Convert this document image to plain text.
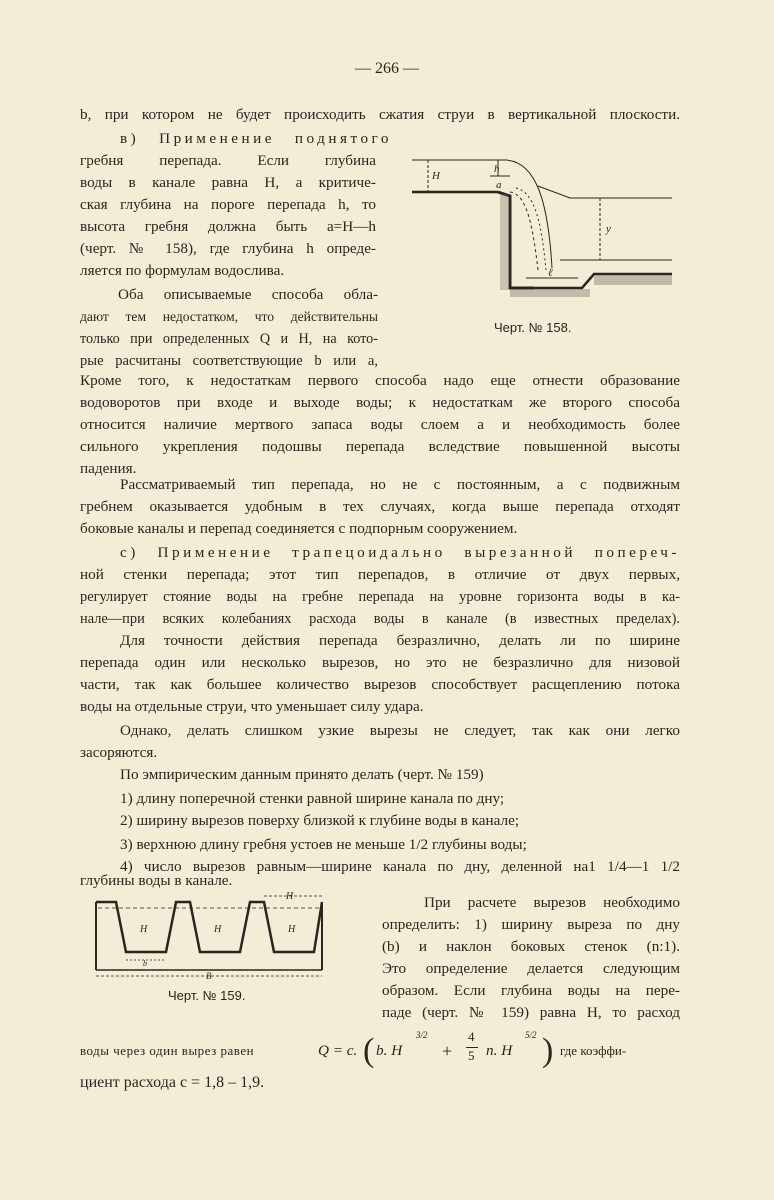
— 266 —
b, при котором не будет происходить сжатия струи в вертикальной плоскости.
в) Применение поднятого
гребня перепада. Если глубина
воды в канале равна H, а критиче-
ская глубина на пороге перепада h, то
высота гребня должна быть a=H—h
(черт. № 158), где глубина h опреде-
ляется по формулам водослива.
Оба описываемые способа обла-
дают тем недостатком, что действительны
только при определенных Q и H, на кото-
рые расчитаны соответствующие b или a,
Кроме того, к недостаткам первого способа надо еще отнести образование
водоворотов при входе и выходе воды; к недостаткам же второго способа
относится наличие мертвого запаса воды слоем a и необходимость более
сильного укрепления подошвы перепада вследствие повышенной высоты
падения.
Рассматриваемый тип перепада, но не с постоянным, а с подвижным
гребнем оказывается удобным в тех случаях, когда выше перепада отходят
боковые каналы и перепад соединяется с подпорным сооружением.
с) Применение трапецоидально вырезанной попереч-
ной стенки перепада; этот тип перепадов, в отличие от двух первых,
регулирует стояние воды на гребне перепада на уровне горизонта воды в ка-
нале—при всяких колебаниях расхода воды в канале (в известных пределах).
Для точности действия перепада безразлично, делать ли по ширине
перепада один или несколько вырезов, но это не безразлично для низовой
части, так как большее количество вырезов способствует расщеплению потока
воды на отдельные струи, что уменьшает силу удара.
Однако, делать слишком узкие вырезы не следует, так как они легко
засоряются.
По эмпирическим данным принято делать (черт. № 159)
1) длину поперечной стенки равной ширине канала по дну;
2) ширину вырезов поверху близкой к глубине воды в канале;
3) верхнюю длину гребня устоев не меньше 1/2 глубины воды;
4) число вырезов равным—ширине канала по дну, деленной на1 1/4—1 1/2
глубины воды в канале.
При расчете вырезов необходимо
определить: 1) ширину выреза по дну
(b) и наклон боковых стенок (n:1).
Это определение делается следующим
образом. Если глубина воды на пере-
паде (черт. № 159) равна H, то расход
воды через один вырез равен	Q = c. ( b. H
3/2
+
4
5 n. H
5/2 ) где коэффи-
циент расхода c = 1,8 – 1,9.
H
h
a
y
ℓ
Черт. № 158.
H
H	H	H
b
B
Черт. № 159.
